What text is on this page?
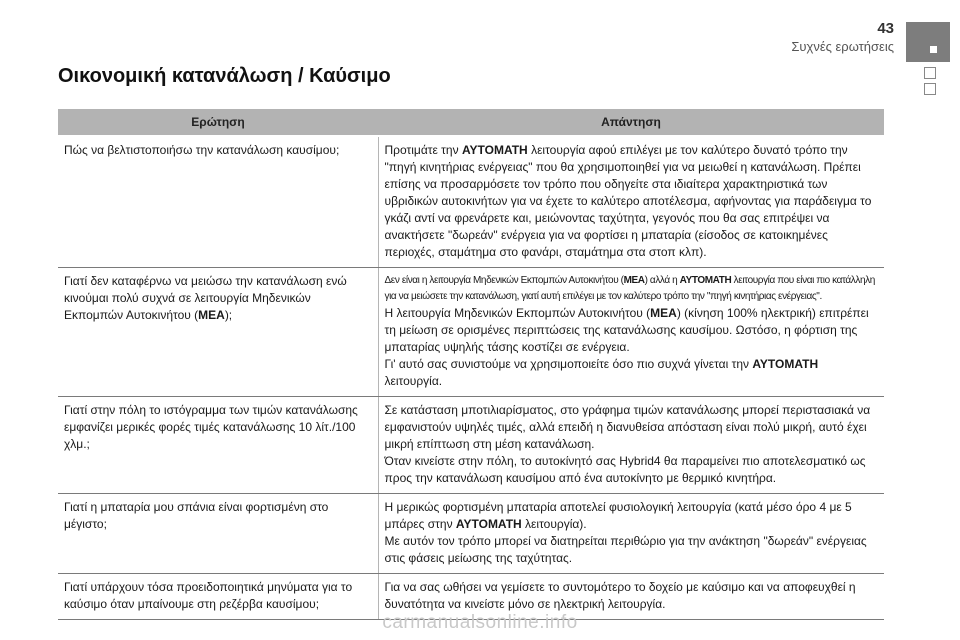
43
Συχνές ερωτήσεις
Οικονομική κατανάλωση / Καύσιμο
Ερώτηση	Απάντηση
Πώς να βελτιστοποιήσω την κατανάλωση καυσίμου;	Προτιμάτε την AYTOMATH λειτουργία αφού επιλέγει με τον καλύτερο δυνατό τρόπο την "πηγή κινητήριας ενέργειας" που θα χρησιμοποιηθεί για να μειωθεί η κατανάλωση. Πρέπει επίσης να προσαρμόσετε τον τρόπο που οδηγείτε στα ιδιαίτερα χαρακτηριστικά των υβριδικών αυτοκινήτων για να έχετε το καλύτερο αποτέλεσμα, αφήνοντας για παράδειγμα το γκάζι αντί να φρενάρετε και, μειώνοντας ταχύτητα, γεγονός που θα σας επιτρέψει να ανακτήσετε "δωρεάν" ενέργεια για να φορτίσει η μπαταρία (είσοδος σε κατοικημένες περιοχές, σταμάτημα στο φανάρι, σταμάτημα στα στοπ κλπ).

Γιατί δεν καταφέρνω να μειώσω την κατανάλωση ενώ κινούμαι πολύ συχνά σε λειτουργία Μηδενικών Εκπομπών Αυτοκινήτου (MEA);	Δεν είναι η λειτουργία Μηδενικών Εκπομπών Αυτοκινήτου (MEA) αλλά η AYTOMATH λειτουργία που είναι πιο κατάλληλη για να μειώσετε την κατανάλωση, γιατί αυτή επιλέγει με τον καλύτερο τρόπο την "πηγή κινητήριας ενέργειας".

Η λειτουργία Μηδενικών Εκπομπών Αυτοκινήτου (MEA) (κίνηση 100% ηλεκτρική) επιτρέπει τη μείωση σε ορισμένες περιπτώσεις της κατανάλωσης καυσίμου. Ωστόσο, η φόρτιση της μπαταρίας υψηλής τάσης κοστίζει σε ενέργεια.

Γι' αυτό σας συνιστούμε να χρησιμοποιείτε όσο πιο συχνά γίνεται την AYTOMATH λειτουργία.

Γιατί στην πόλη το ιστόγραμμα των τιμών κατανάλωσης εμφανίζει μερικές φορές τιμές κατανάλωσης 10 λίτ./100 χλμ.;	Σε κατάσταση μποτιλιαρίσματος, στο γράφημα τιμών κατανάλωσης μπορεί περιστασιακά να εμφανιστούν υψηλές τιμές, αλλά επειδή η διανυθείσα απόσταση είναι πολύ μικρή, αυτό έχει μικρή επίπτωση στη μέση κατανάλωση.

Όταν κινείστε στην πόλη, το αυτοκίνητό σας Hybrid4 θα παραμείνει πιο αποτελεσματικό ως προς την κατανάλωση καυσίμου από ένα αυτοκίνητο με θερμικό κινητήρα.

Γιατί η μπαταρία μου σπάνια είναι φορτισμένη στο μέγιστο;	Η μερικώς φορτισμένη μπαταρία αποτελεί φυσιολογική λειτουργία (κατά μέσο όρο 4 με 5 μπάρες στην AYTOMATH λειτουργία).

Με αυτόν τον τρόπο μπορεί να διατηρείται περιθώριο για την ανάκτηση "δωρεάν" ενέργειας στις φάσεις μείωσης της ταχύτητας.

Γιατί υπάρχουν τόσα προειδοποιητικά μηνύματα για το καύσιμο όταν μπαίνουμε στη ρεζέρβα καυσίμου;	Για να σας ωθήσει να γεμίσετε το συντομότερο το δοχείο με καύσιμο και να αποφευχθεί η δυνατότητα να κινείστε μόνο σε ηλεκτρική λειτουργία.

carmanualsonline.info
